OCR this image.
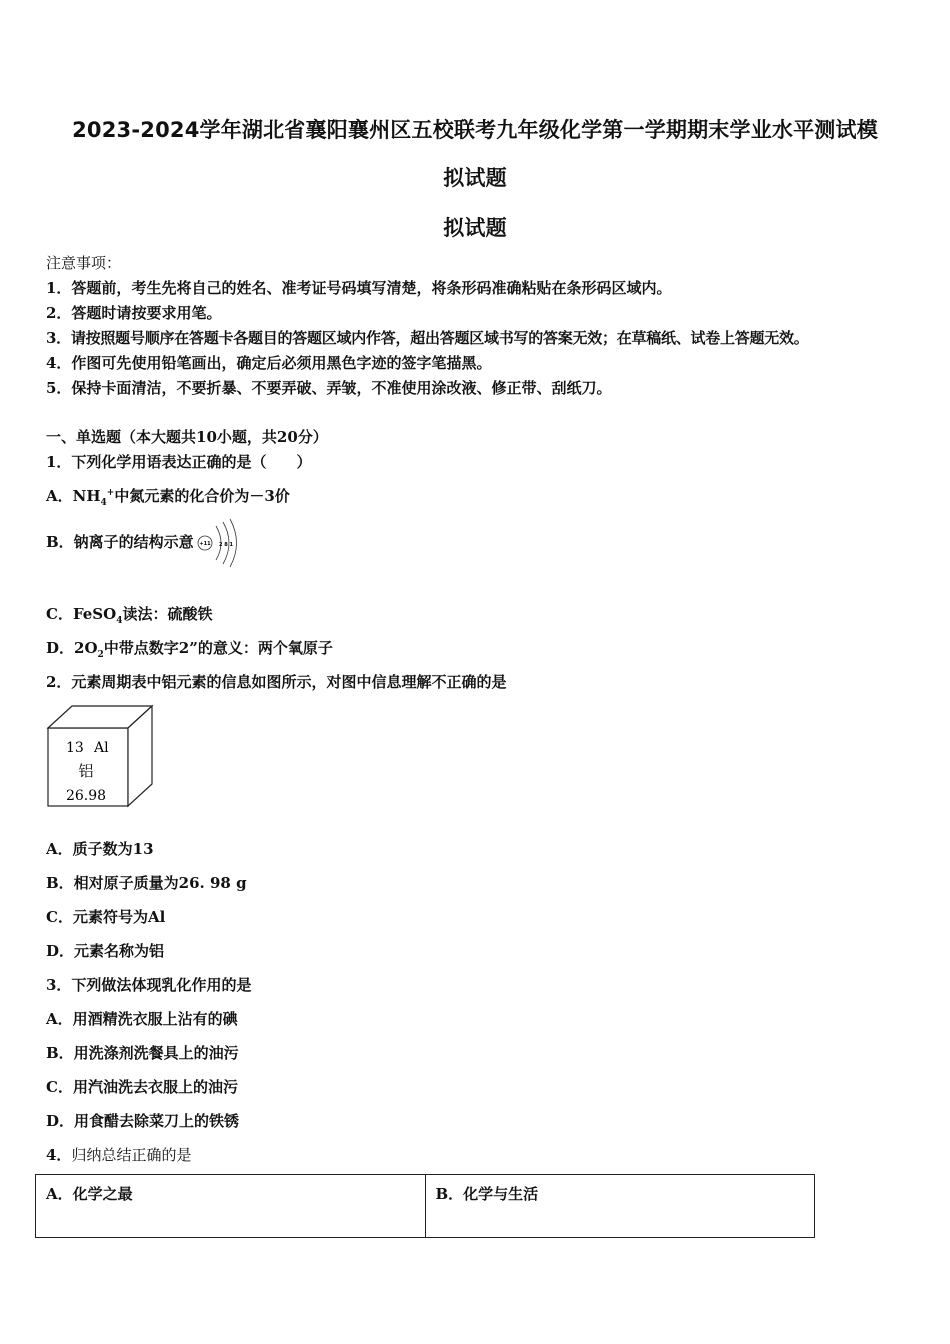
2023-2024学年湖北省襄阳襄州区五校联考九年级化学第一学期期末学业水平测试模
拟试题
拟试题
注意事项：
1．答题前，考生先将自己的姓名、准考证号码填写清楚，将条形码准确粘贴在条形码区域内。
2．答题时请按要求用笔。
3．请按照题号顺序在答题卡各题目的答题区域内作答，超出答题区域书写的答案无效；在草稿纸、试卷上答题无效。
4．作图可先使用铅笔画出，确定后必须用黑色字迹的签字笔描黑。
5．保持卡面清洁，不要折暴、不要弄破、弄皱，不准使用涂改液、修正带、刮纸刀。
一、单选题（本大题共10小题，共20分）
1．下列化学用语表达正确的是（　　）
A．$NH_4^+$中氮元素的化合价为－3价
B．钠离子的结构示意 +11 2 8 1
C．FeSO$_4$读法：硫酸铁
D．$2O_2$中带点数字2”的意义：两个氧原子
2．元素周期表中铝元素的信息如图所示，对图中信息理解不正确的是
13 Al
铝
26.98
A．质子数为13
B．相对原子质量为26. 98 g
C．元素符号为Al
D．元素名称为铝
3．下列做法体现乳化作用的是
A．用酒精洗衣服上沾有的碘
B．用洗涤剂洗餐具上的油污
C．用汽油洗去衣服上的油污
D．用食醋去除菜刀上的铁锈
4．归纳总结正确的是
A．化学之最	B．化学与生活
